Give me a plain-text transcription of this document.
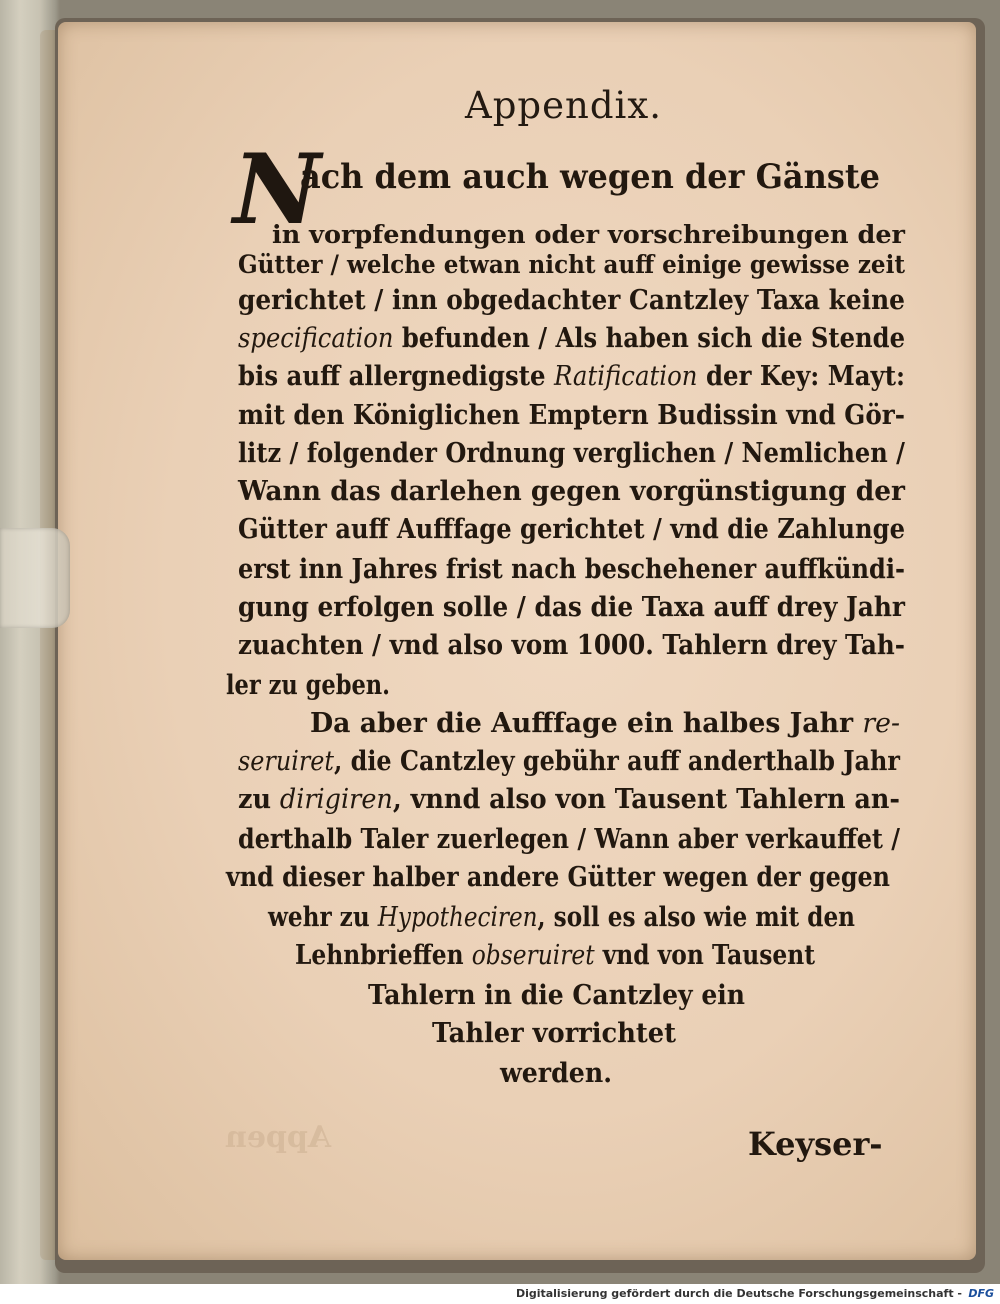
Appendix.
N
ach dem auch wegen der Gänste
in vorpfendungen oder vorschreibungen der
Gütter / welche etwan nicht auff einige gewisse zeit
gerichtet / inn obgedachter Cantzley Taxa keine
specification befunden / Als haben sich die Stende
bis auff allergnedigste Ratification der Key: Mayt:
mit den Königlichen Emptern Budissin vnd Gör-
litz / folgender Ordnung verglichen / Nemlichen /
Wann das darlehen gegen vorgünstigung der
Gütter auff Aufffage gerichtet / vnd die Zahlunge
erst inn Jahres frist nach beschehener auffkündi-
gung erfolgen solle / das die Taxa auff drey Jahr
zuachten / vnd also vom 1000. Tahlern drey Tah-
ler zu geben.
Da aber die Aufffage ein halbes Jahr re-
seruiret, die Cantzley gebühr auff anderthalb Jahr
zu dirigiren, vnnd also von Tausent Tahlern an-
derthalb Taler zuerlegen / Wann aber verkauffet /
vnd dieser halber andere Gütter wegen der gegen
wehr zu Hypotheciren, soll es also wie mit den
Lehnbrieffen obseruiret vnd von Tausent
Tahlern in die Cantzley ein
Tahler vorrichtet
werden.
Appen	Keyser-
Digitalisierung gefördert durch die Deutsche Forschungsgemeinschaft - DFG
